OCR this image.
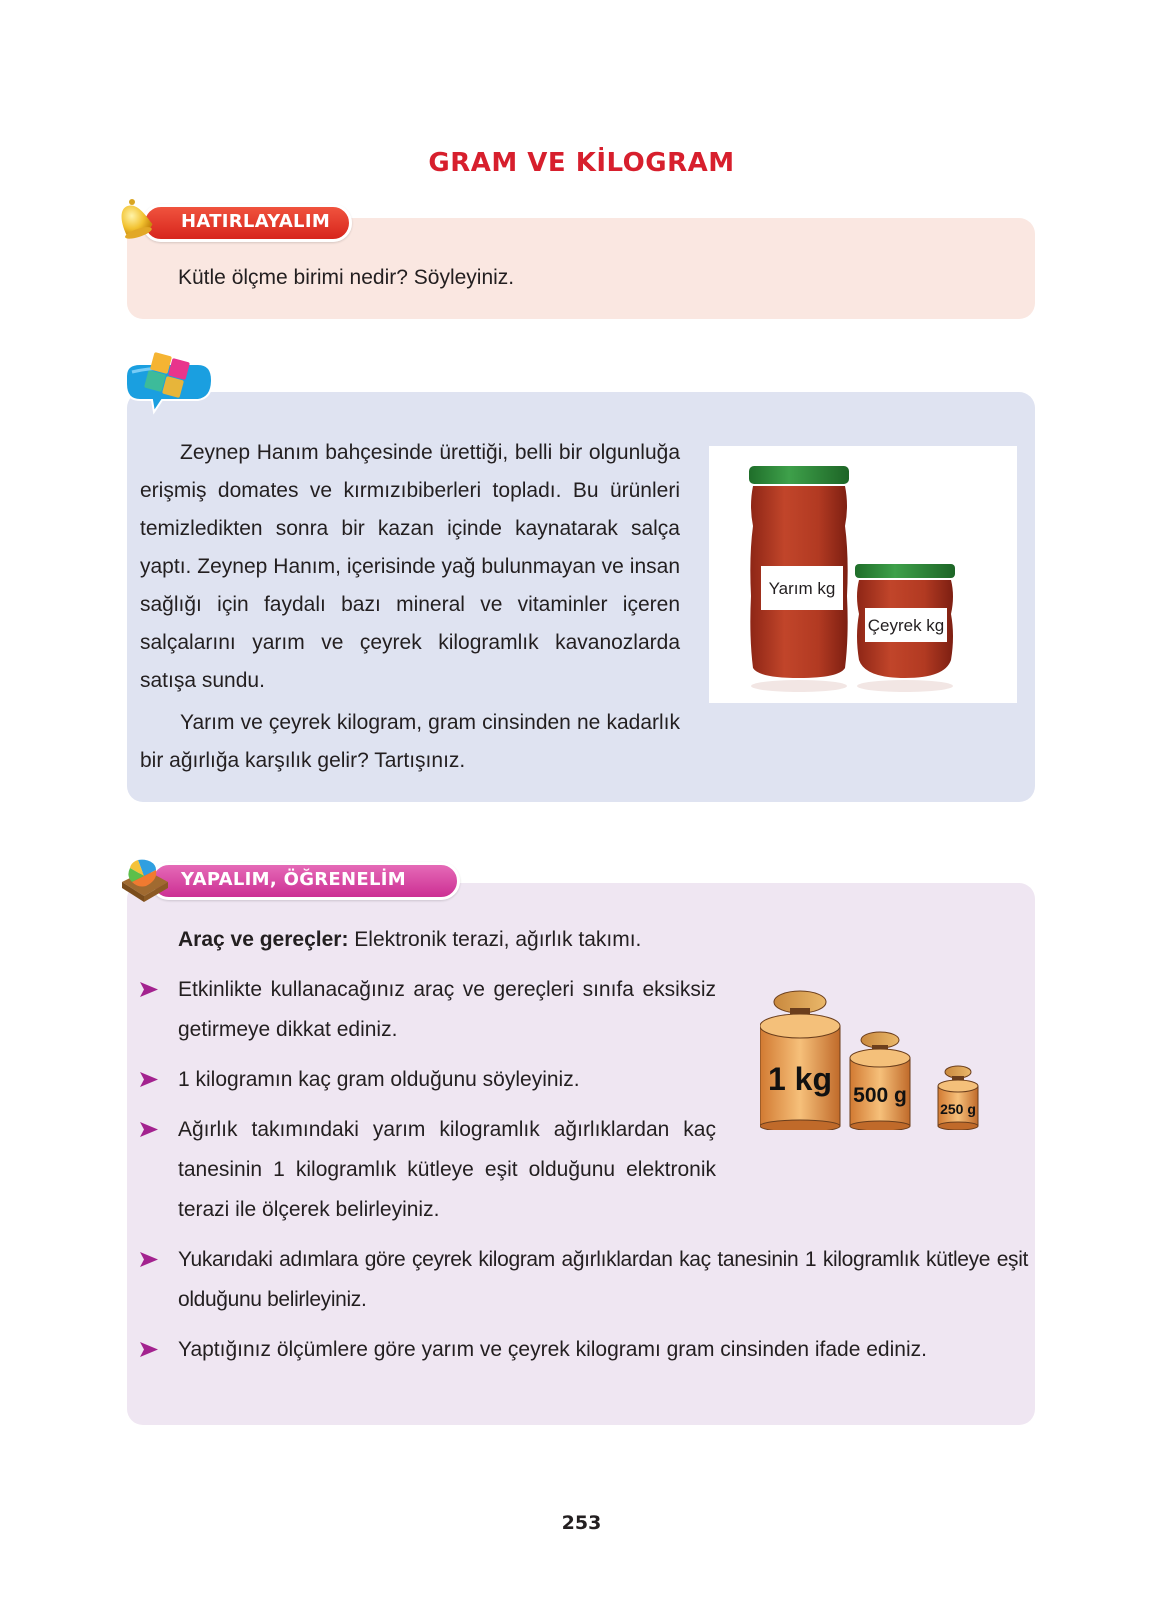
GRAM VE KİLOGRAM
HATIRLAYALIM

Kütle ölçme birimi nedir? Söyleyiniz.

Zeynep Hanım bahçesinde ürettiği, belli bir olgunluğa erişmiş domates ve kırmızıbiberleri topladı. Bu ürünleri temizledikten sonra bir kazan içinde kaynatarak salça yaptı. Zeynep Hanım, içerisinde yağ bulunmayan ve insan sağlığı için faydalı bazı mineral ve vitaminler içeren salçalarını yarım ve çeyrek kilogramlık kavanozlarda satışa sundu.

Yarım ve çeyrek kilogram, gram cinsinden ne kadarlık bir ağırlığa karşılık gelir? Tartışınız.

Yarım kg
Çeyrek kg
YAPALIM, ÖĞRENELİM

Araç ve gereçler: Elektronik terazi, ağırlık takımı.

Etkinlikte kullanacağınız araç ve gereçleri sınıfa eksiksiz getirmeye dikkat ediniz.
1 kilogramın kaç gram olduğunu söyleyiniz.
Ağırlık takımındaki yarım kilogramlık ağırlıklardan kaç tanesinin 1 kilogramlık kütleye eşit olduğunu elektronik terazi ile ölçerek belirleyiniz.
Yukarıdaki adımlara göre çeyrek kilogram ağırlıklardan kaç tanesinin 1 kilogramlık kütleye eşit olduğunu belirleyiniz.
Yaptığınız ölçümlere göre yarım ve çeyrek kilogramı gram cinsinden ifade ediniz.
1 kg 500 g
250 g
253
